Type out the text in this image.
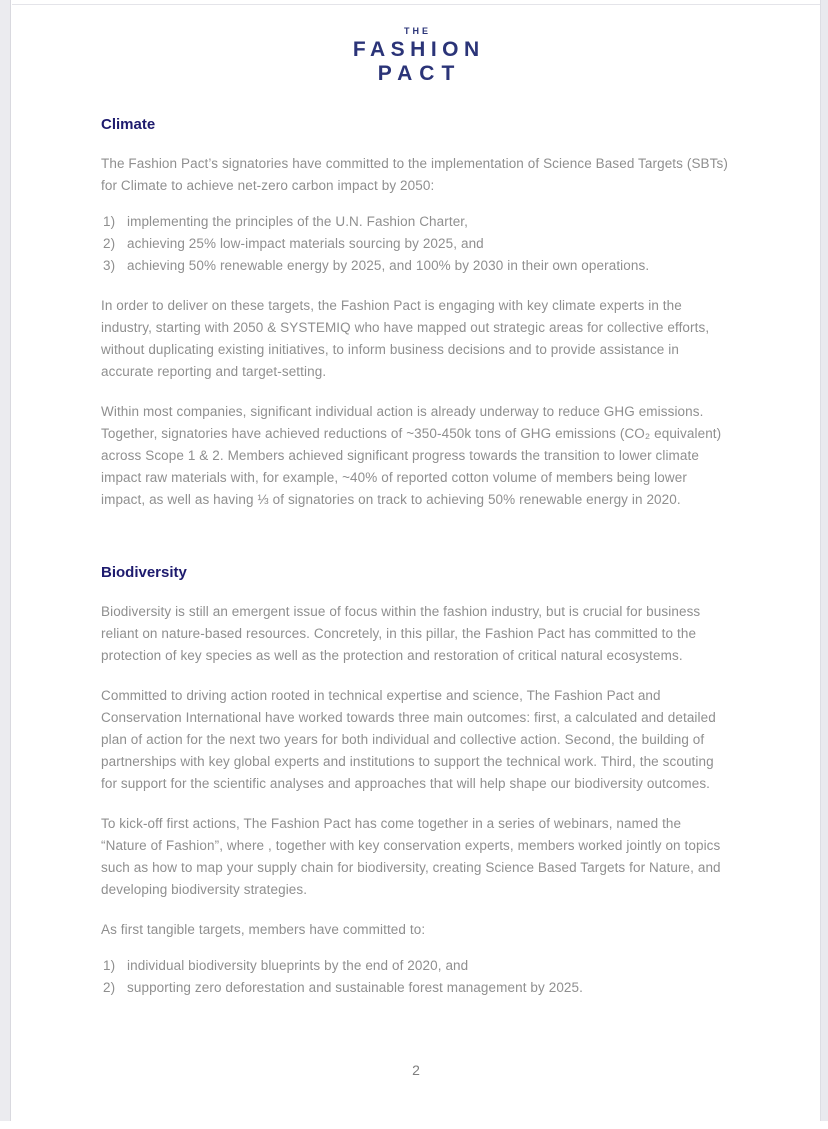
THE
FASHION
PACT
Climate

The Fashion Pact’s signatories have committed to the implementation of Science Based Targets (SBTs) for Climate to achieve net-zero carbon impact by 2050:

1) implementing the principles of the U.N. Fashion Charter,
2) achieving 25% low-impact materials sourcing by 2025, and
3) achieving 50% renewable energy by 2025, and 100% by 2030 in their own operations.

In order to deliver on these targets, the Fashion Pact is engaging with key climate experts in the industry, starting with 2050 & SYSTEMIQ who have mapped out strategic areas for collective efforts, without duplicating existing initiatives, to inform business decisions and to provide assistance in accurate reporting and target-setting.

Within most companies, significant individual action is already underway to reduce GHG emissions. Together, signatories have achieved reductions of ~350-450k tons of GHG emissions (CO₂ equivalent) across Scope 1 & 2. Members achieved significant progress towards the transition to lower climate impact raw materials with, for example, ~40% of reported cotton volume of members being lower impact, as well as having ⅓ of signatories on track to achieving 50% renewable energy in 2020.

Biodiversity

Biodiversity is still an emergent issue of focus within the fashion industry, but is crucial for business reliant on nature-based resources. Concretely, in this pillar, the Fashion Pact has committed to the protection of key species as well as the protection and restoration of critical natural ecosystems.

Committed to driving action rooted in technical expertise and science, The Fashion Pact and Conservation International have worked towards three main outcomes: first, a calculated and detailed plan of action for the next two years for both individual and collective action. Second, the building of partnerships with key global experts and institutions to support the technical work. Third, the scouting for support for the scientific analyses and approaches that will help shape our biodiversity outcomes.

To kick-off first actions, The Fashion Pact has come together in a series of webinars, named the “Nature of Fashion”, where , together with key conservation experts, members worked jointly on topics such as how to map your supply chain for biodiversity, creating Science Based Targets for Nature, and developing biodiversity strategies.

As first tangible targets, members have committed to:

1) individual biodiversity blueprints by the end of 2020, and
2) supporting zero deforestation and sustainable forest management by 2025.
2
